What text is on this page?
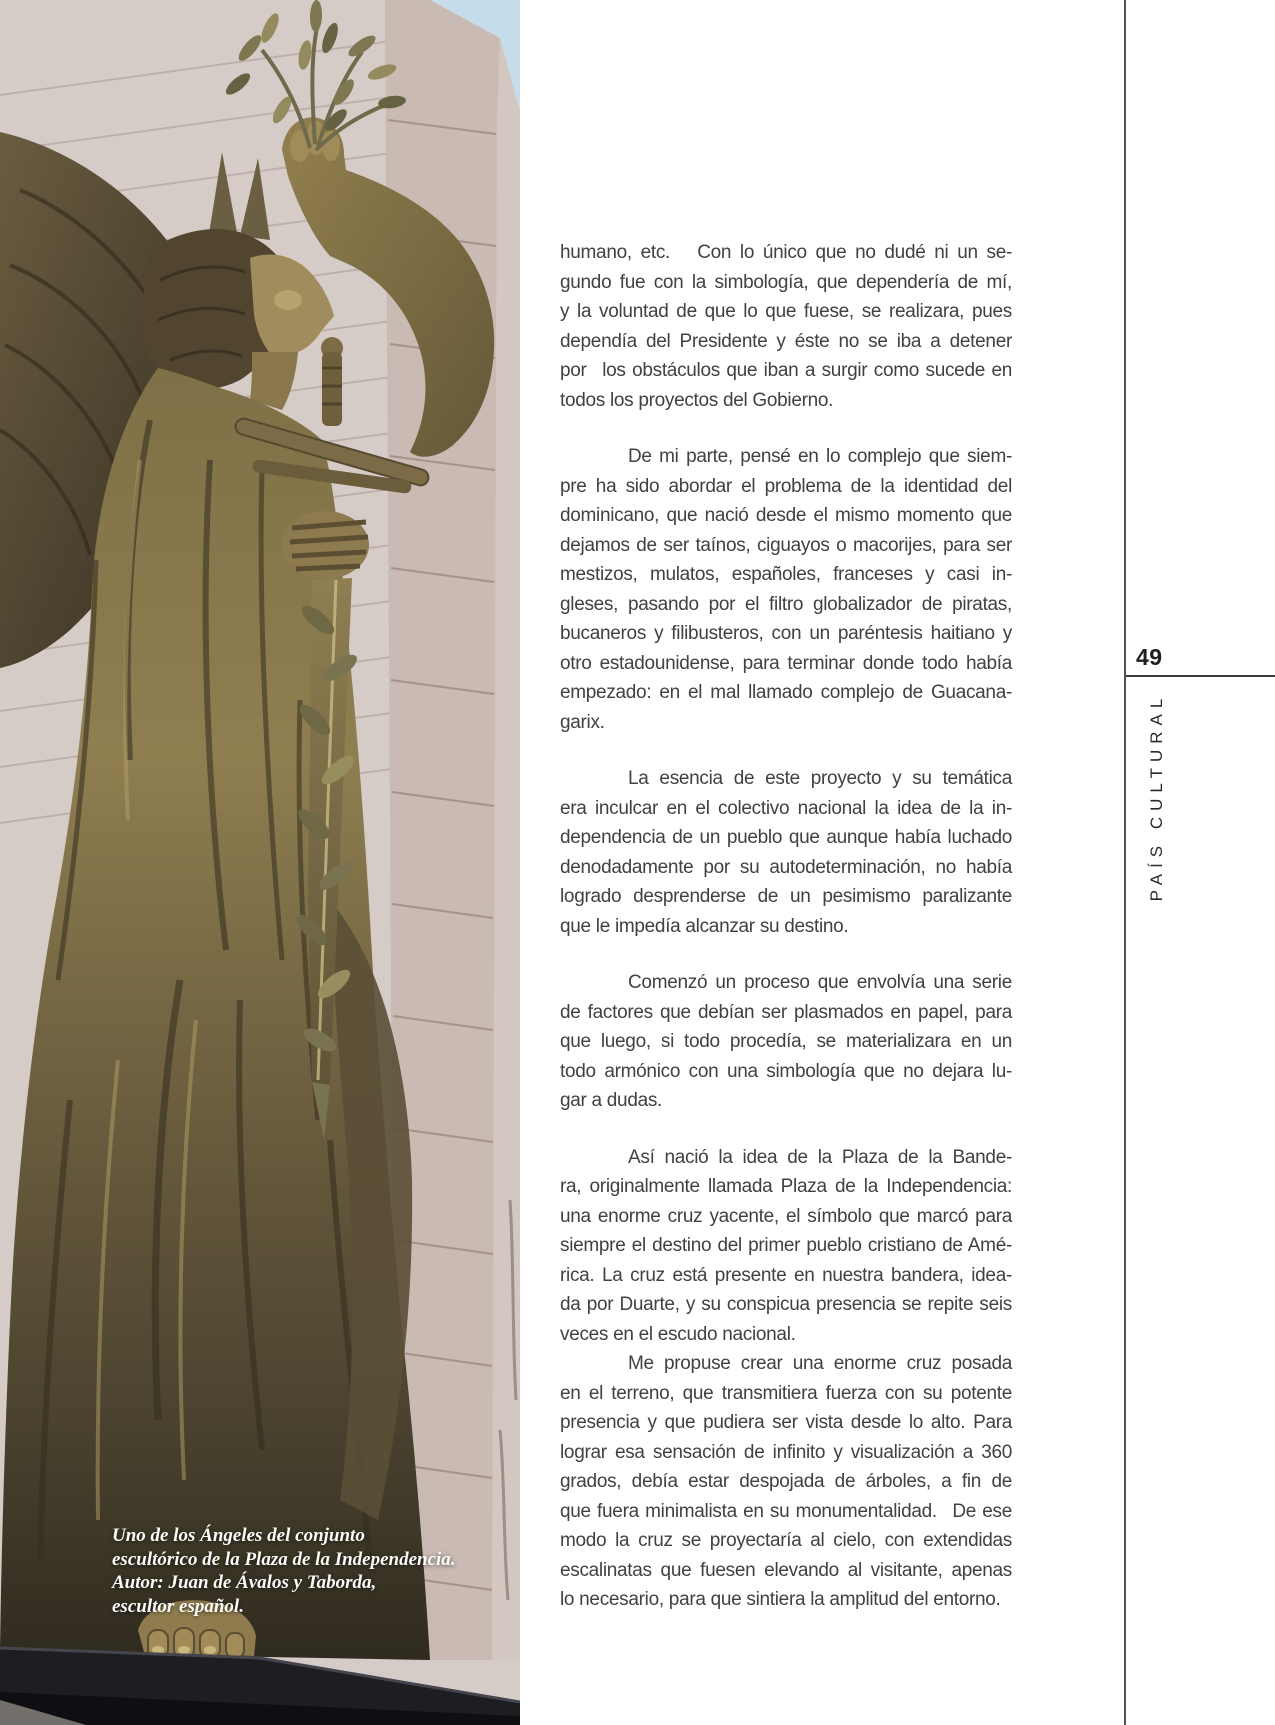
Uno de los Ángeles del conjunto
escultórico de la Plaza de la Independencia.
Autor: Juan de Ávalos y Taborda,
escultor español.

humano, etc.   Con lo único que no dudé ni un se-
gundo fue con la simbología, que dependería de mí,
y la voluntad de que lo que fuese, se realizara, pues
dependía del Presidente y éste no se iba a detener
por  los obstáculos que iban a surgir como sucede en
todos los proyectos del Gobierno.

De mi parte, pensé en lo complejo que siem-
pre ha sido abordar el problema de la identidad del
dominicano, que nació desde el mismo momento que
dejamos de ser taínos, ciguayos o macorijes, para ser
mestizos, mulatos, españoles, franceses y casi in-
gleses, pasando por el filtro globalizador de piratas,
bucaneros y filibusteros, con un paréntesis haitiano y
otro estadounidense, para terminar donde todo había
empezado: en el mal llamado complejo de Guacana-
garix.

La esencia de este proyecto y su temática
era inculcar en el colectivo nacional la idea de la in-
dependencia de un pueblo que aunque había luchado
denodadamente por su autodeterminación, no había
logrado desprenderse de un pesimismo paralizante
que le impedía alcanzar su destino.

Comenzó un proceso que envolvía una serie
de factores que debían ser plasmados en papel, para
que luego, si todo procedía, se materializara en un
todo armónico con una simbología que no dejara lu-
gar a dudas.

Así nació la idea de la Plaza de la Bande-
ra, originalmente llamada Plaza de la Independencia:
una enorme cruz yacente, el símbolo que marcó para
siempre el destino del primer pueblo cristiano de Amé-
rica. La cruz está presente en nuestra bandera, idea-
da por Duarte, y su conspicua presencia se repite seis
veces en el escudo nacional.

Me propuse crear una enorme cruz posada
en el terreno, que transmitiera fuerza con su potente
presencia y que pudiera ser vista desde lo alto. Para
lograr esa sensación de infinito y visualización a 360
grados, debía estar despojada de árboles, a fin de
que fuera minimalista en su monumentalidad.  De ese
modo la cruz se proyectaría al cielo, con extendidas
escalinatas que fuesen elevando al visitante, apenas
lo necesario, para que sintiera la amplitud del entorno.

49
PAÍS CULTURAL
